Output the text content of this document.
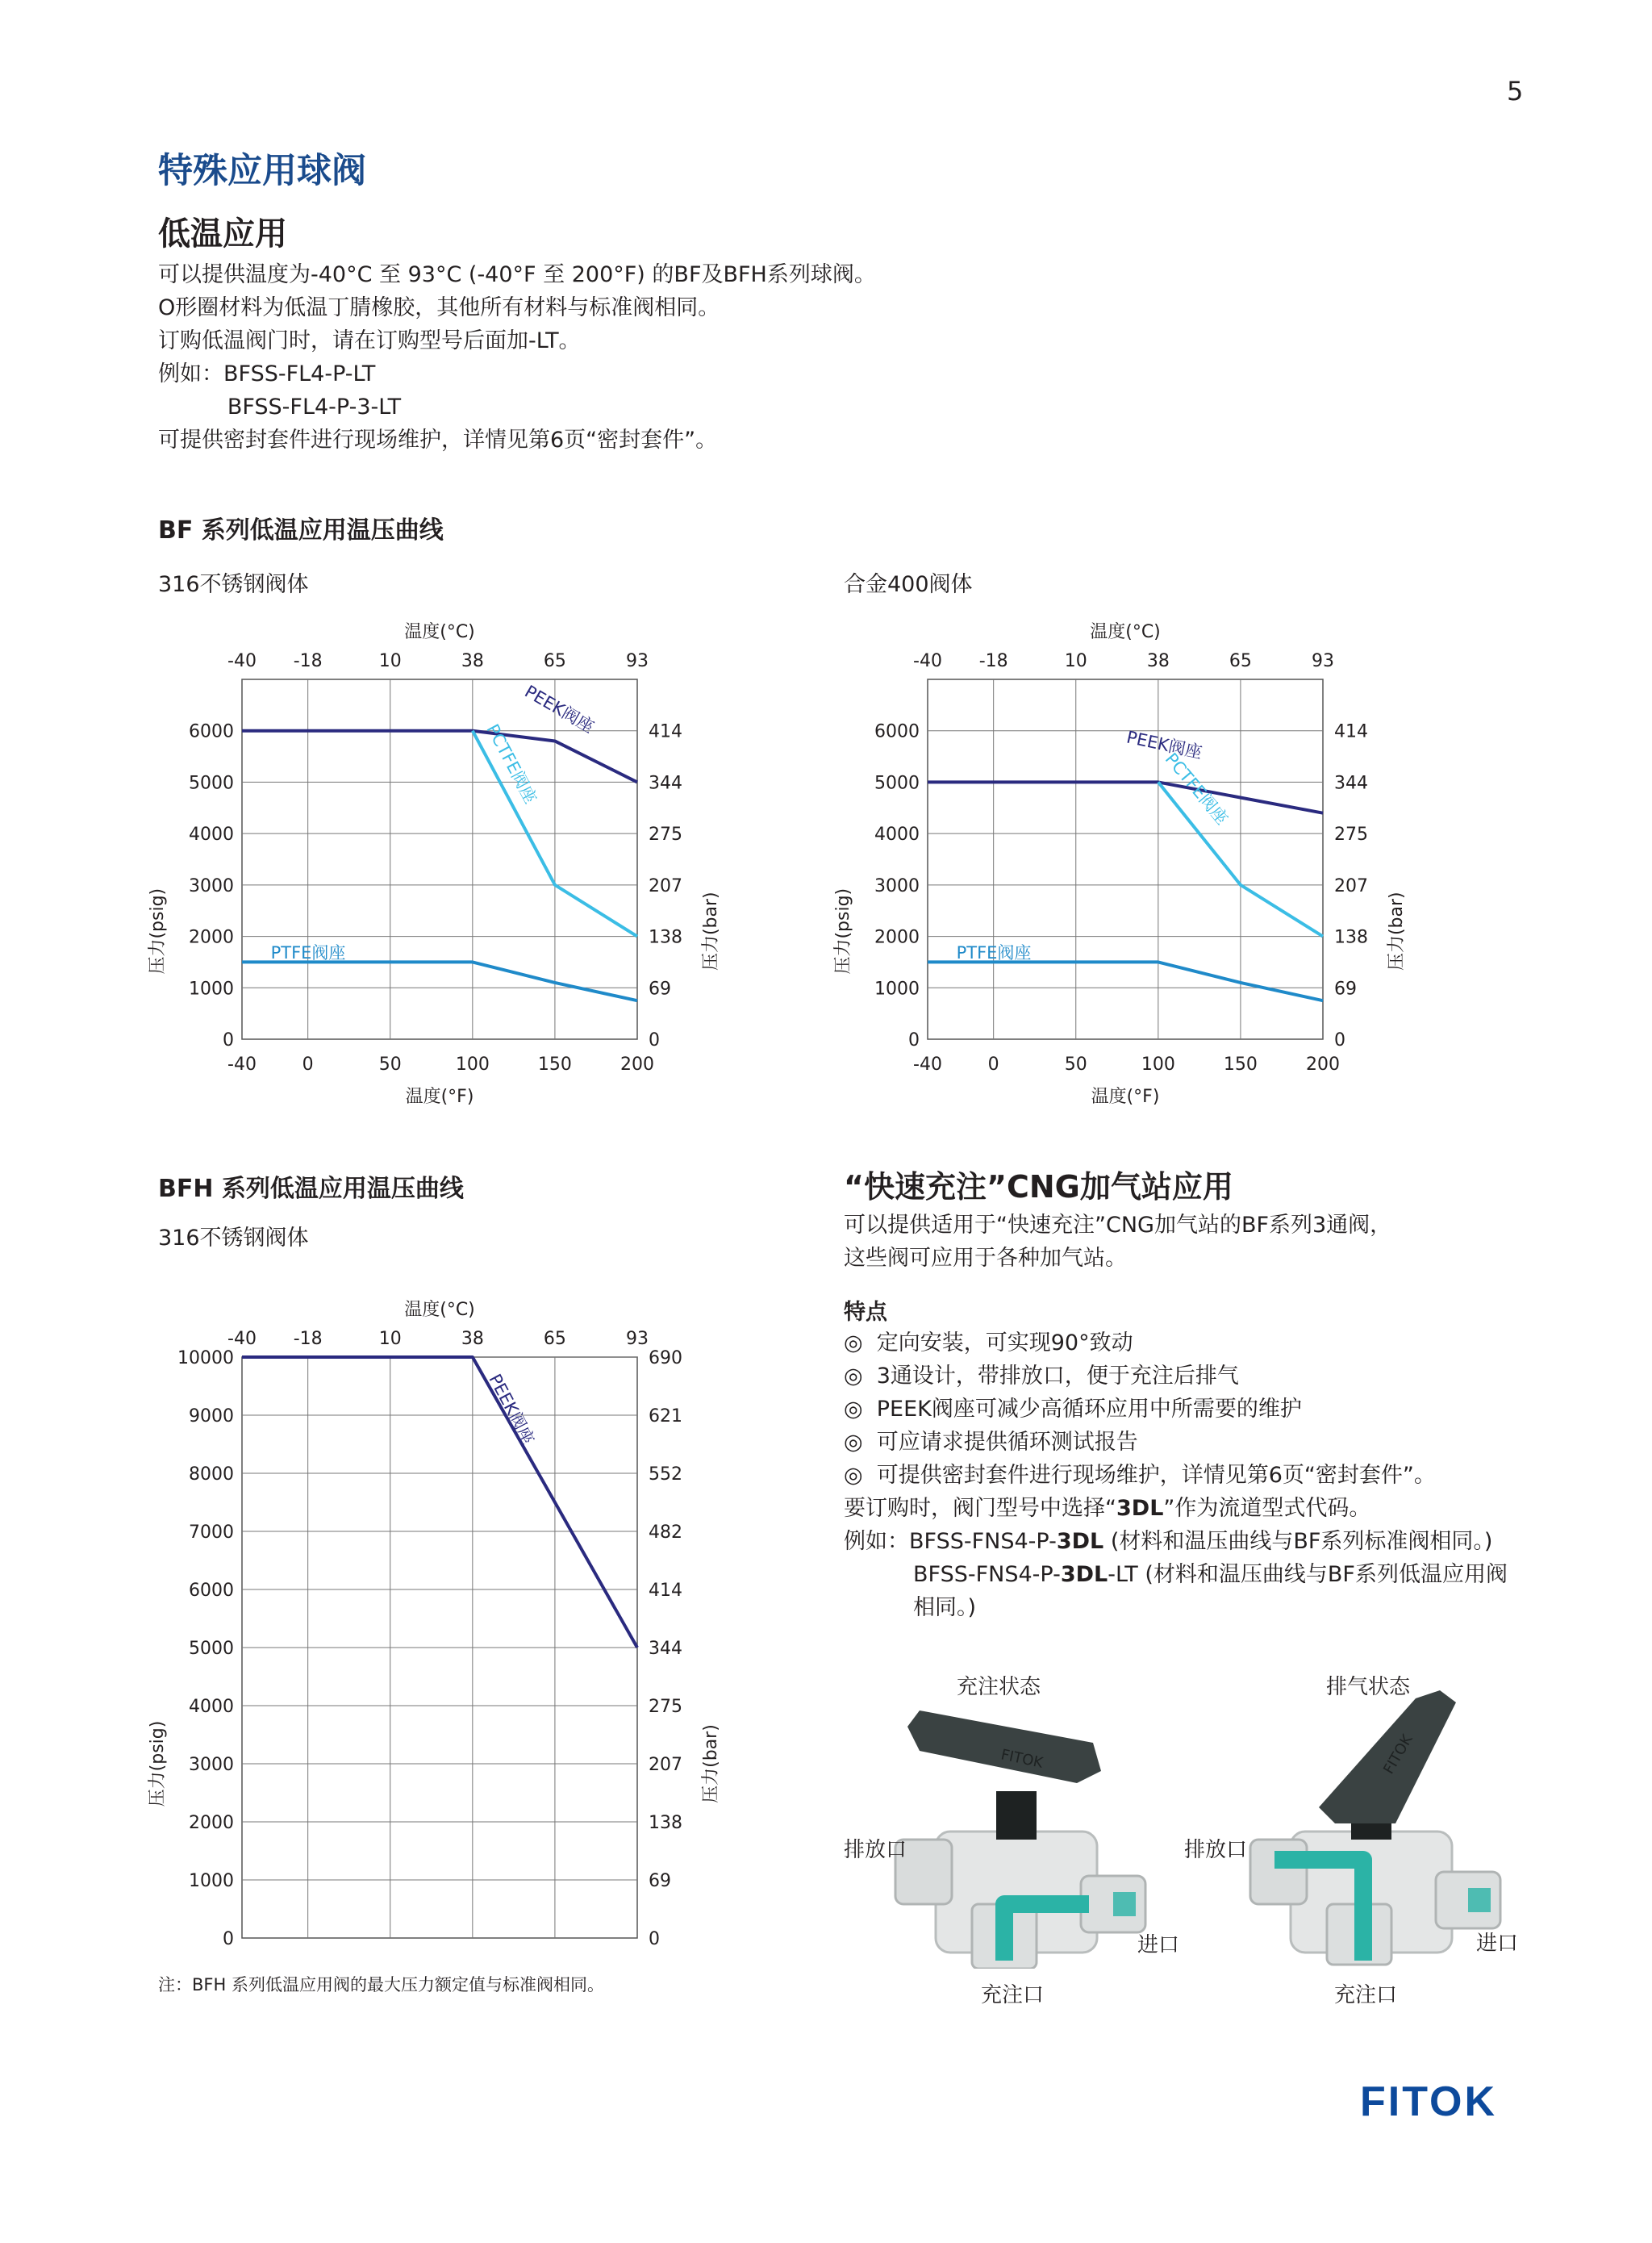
5
特殊应用球阀
低温应用
可以提供温度为-40°C 至 93°C (-40°F 至 200°F) 的BF及BFH系列球阀。
O形圈材料为低温丁腈橡胶，其他所有材料与标准阀相同。
订购低温阀门时，请在订购型号后面加-LT。
例如：BFSS-FL4-P-LT
BFSS-FL4-P-3-LT
可提供密封套件进行现场维护，详情见第6页“密封套件”。
BF 系列低温应用温压曲线
316不锈钢阀体
-40	0	50	100	150	200
-40 -18	10	38	65	93
0	0
1000	69
2000	138
3000	207
4000	275
5000	344
6000	414
温度(°C)
温度(°F)
压力(psig)	压力(bar)
PEEK阀座
PCTFE阀座
PTFE阀座
合金400阀体
-40	0	50	100	150	200
-40 -18	10	38	65	93
0	0
1000	69
2000	138
3000	207
4000	275
5000	344
6000	414
温度(°C)
温度(°F)
压力(psig)	压力(bar)
PEEK阀座
PCTFE阀座
PTFE阀座
BFH 系列低温应用温压曲线
316不锈钢阀体
-40 -18	10	38	65	93
0	0
1000	69
2000	138
3000	207
4000	275
5000	344
6000	414
7000	482
8000	552
9000	621
10000	690
温度(°C)
压力(psig)	压力(bar)
PEEK阀座
注：BFH 系列低温应用阀的最大压力额定值与标准阀相同。
“快速充注”CNG加气站应用
可以提供适用于“快速充注”CNG加气站的BF系列3通阀，
这些阀可应用于各种加气站。
特点
◎ 定向安装，可实现90°致动
◎ 3通设计，带排放口，便于充注后排气
◎ PEEK阀座可减少高循环应用中所需要的维护
◎ 可应请求提供循环测试报告
◎ 可提供密封套件进行现场维护，详情见第6页“密封套件”。
要订购时，阀门型号中选择“3DL”作为流道型式代码。
例如：BFSS-FNS4-P-3DL (材料和温压曲线与BF系列标准阀相同。)
BFSS-FNS4-P-3DL-LT (材料和温压曲线与BF系列低温应用阀
相同。)
充注状态	排气状态
FITOK	FITOK
排放口
进口
充注口
排放口
进口
充注口
FITOK
